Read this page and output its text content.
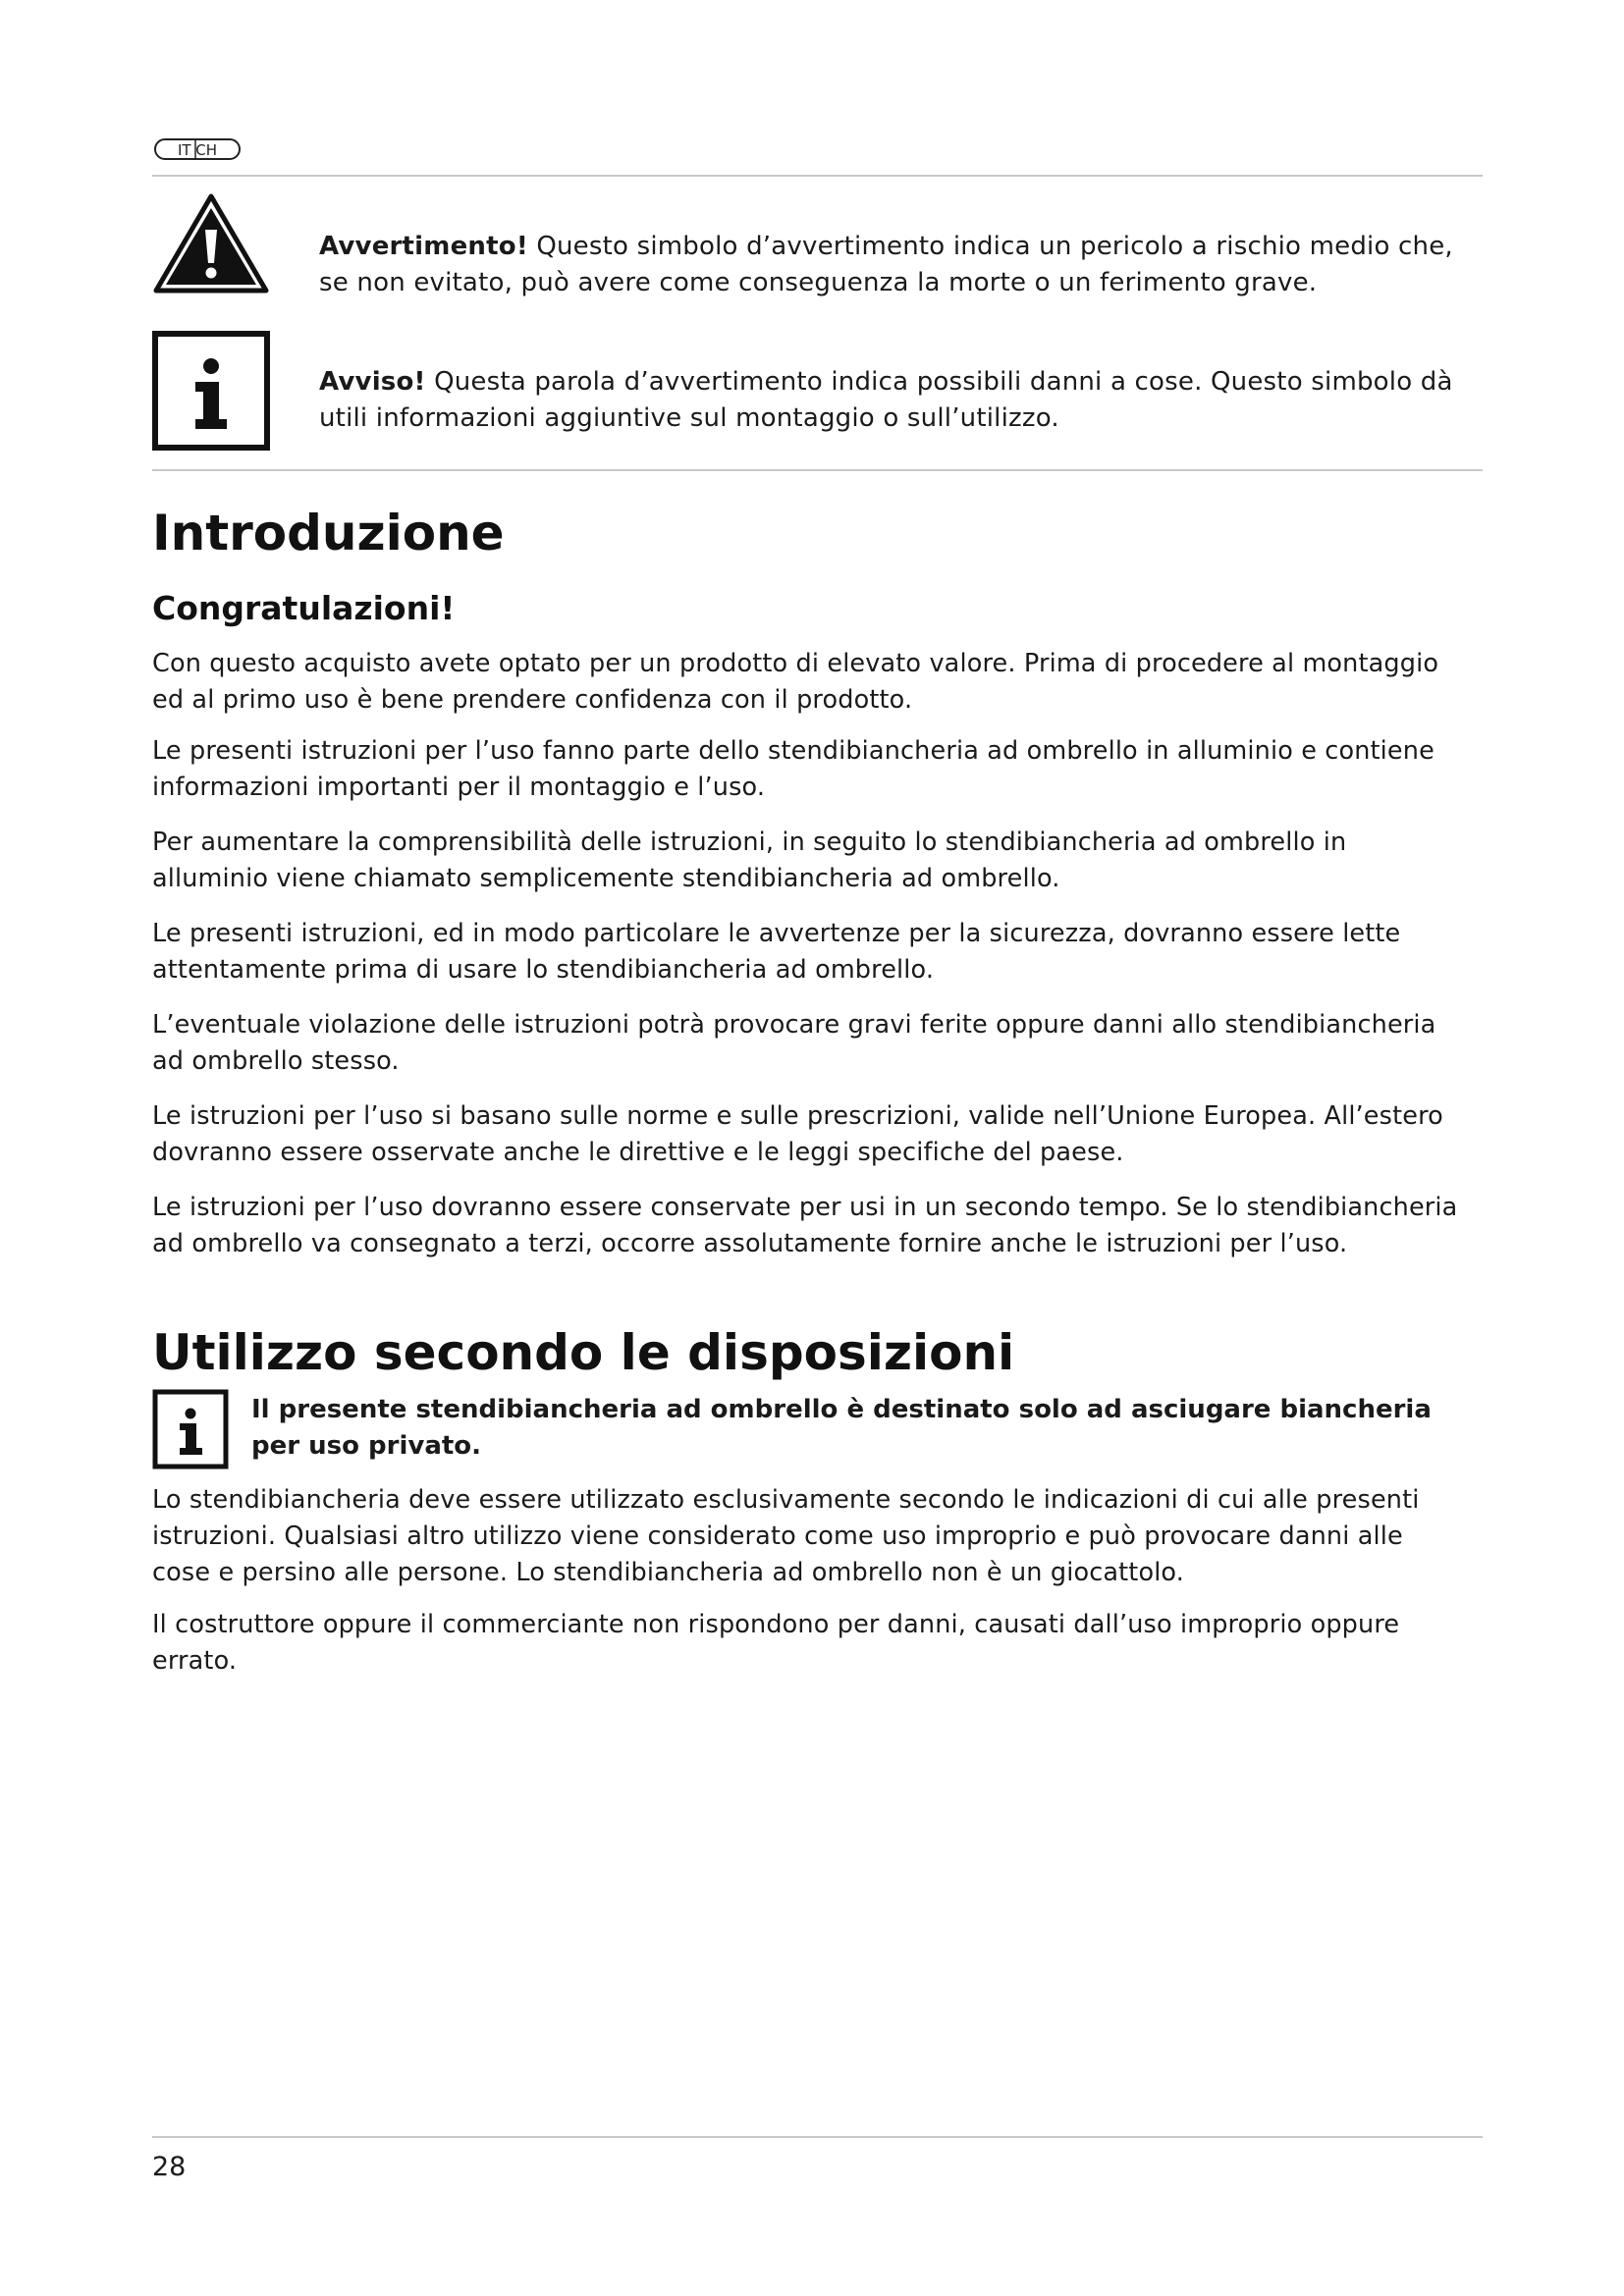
IT CH
Avvertimento! Questo simbolo d’avvertimento indica un pericolo a rischio medio che, se non evitato, può avere come conseguenza la morte o un ferimento grave.
Avviso! Questa parola d’avvertimento indica possibili danni a cose. Questo simbolo dà utili informazioni aggiuntive sul montaggio o sull’utilizzo.
Introduzione
Congratulazioni!

Con questo acquisto avete optato per un prodotto di elevato valore. Prima di procedere al montaggio ed al primo uso è bene prendere confidenza con il prodotto.

Le presenti istruzioni per l’uso fanno parte dello stendibiancheria ad ombrello in alluminio e contiene informazioni importanti per il montaggio e l’uso.

Per aumentare la comprensibilità delle istruzioni, in seguito lo stendibiancheria ad ombrello in alluminio viene chiamato semplicemente stendibiancheria ad ombrello.

Le presenti istruzioni, ed in modo particolare le avvertenze per la sicurezza, dovranno essere lette attentamente prima di usare lo stendibiancheria ad ombrello.

L’eventuale violazione delle istruzioni potrà provocare gravi ferite oppure danni allo stendibiancheria ad ombrello stesso.

Le istruzioni per l’uso si basano sulle norme e sulle prescrizioni, valide nell’Unione Europea. All’estero dovranno essere osservate anche le direttive e le leggi specifiche del paese.

Le istruzioni per l’uso dovranno essere conservate per usi in un secondo tempo. Se lo stendibiancheria ad ombrello va consegnato a terzi, occorre assolutamente fornire anche le istruzioni per l’uso.

Utilizzo secondo le disposizioni

Il presente stendibiancheria ad ombrello è destinato solo ad asciugare biancheria per uso privato.

Lo stendibiancheria deve essere utilizzato esclusivamente secondo le indicazioni di cui alle presenti istruzioni. Qualsiasi altro utilizzo viene considerato come uso improprio e può provocare danni alle cose e persino alle persone. Lo stendibiancheria ad ombrello non è un giocattolo.

Il costruttore oppure il commerciante non rispondono per danni, causati dall’uso improprio oppure errato.

28
